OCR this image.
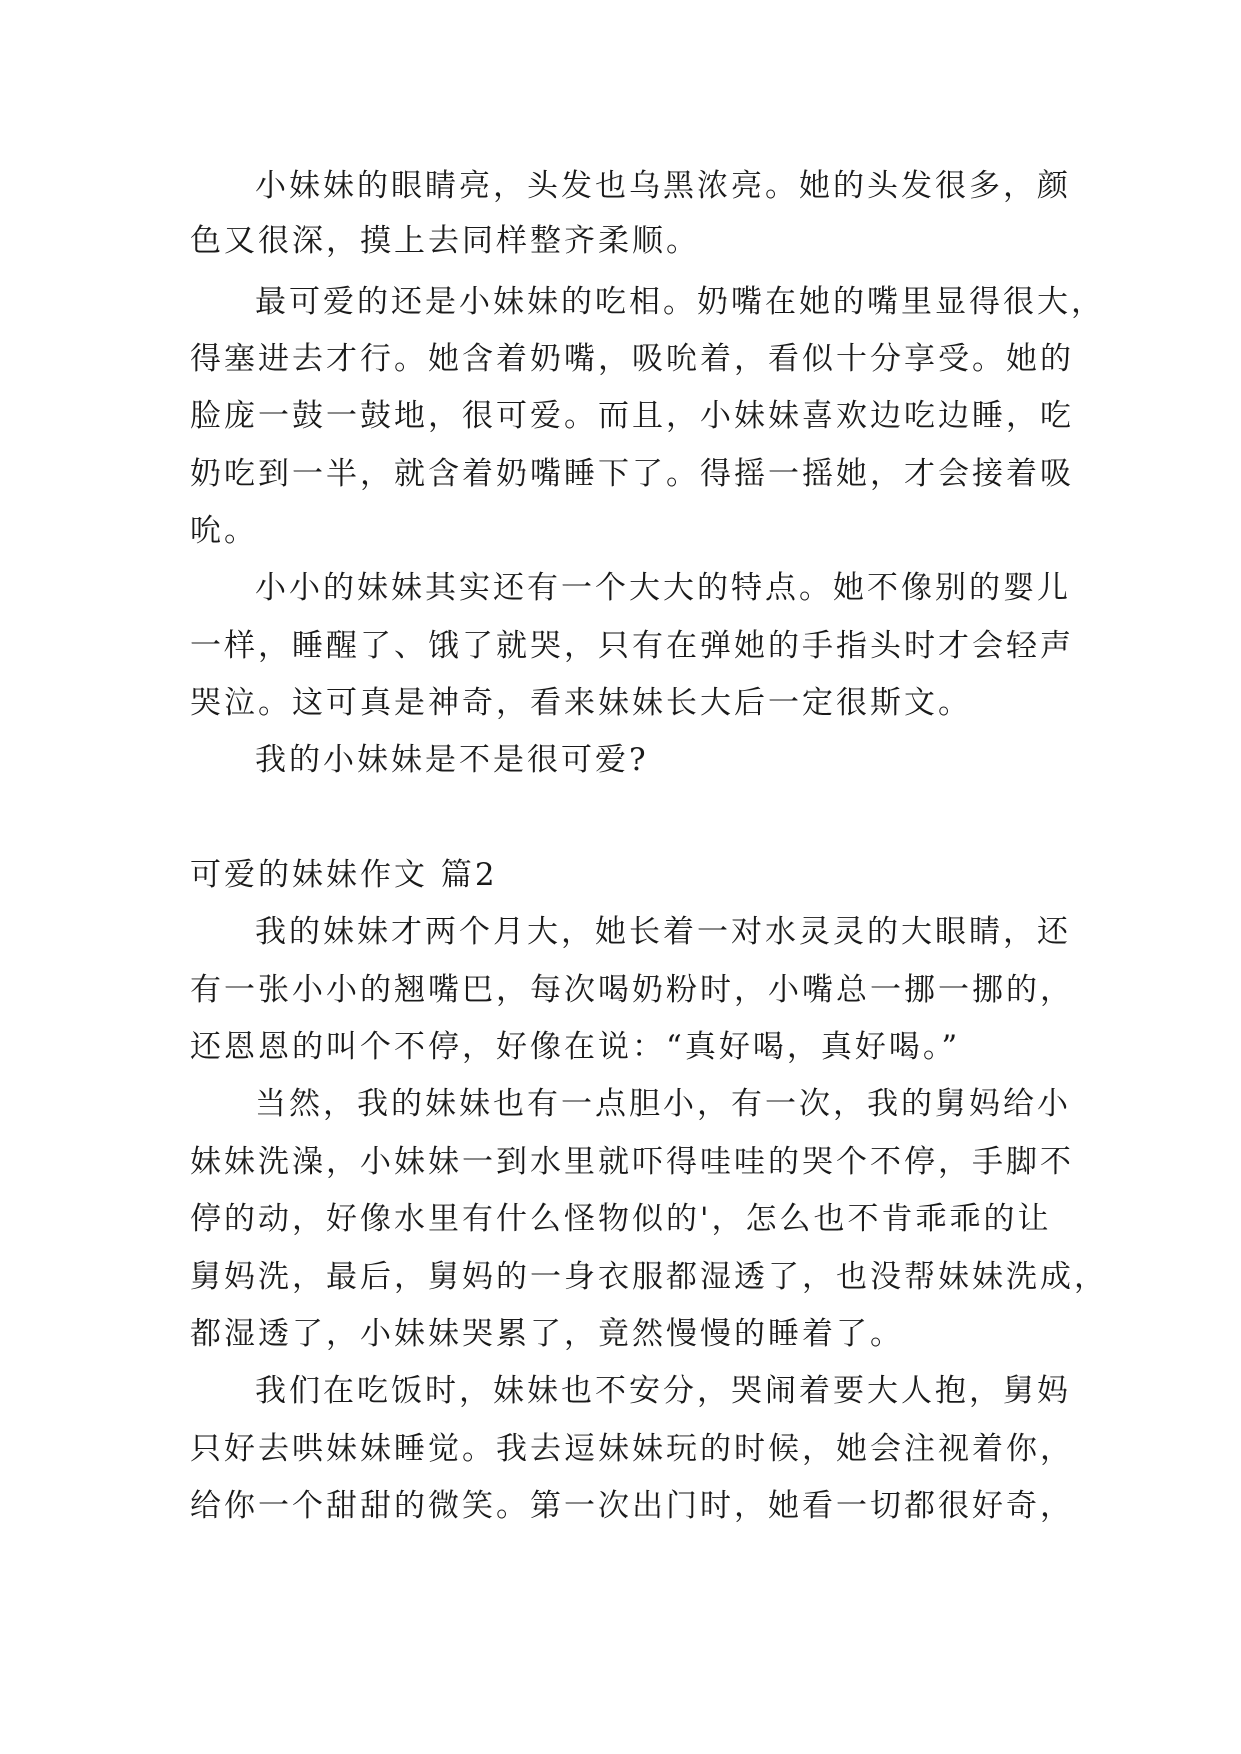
小妹妹的眼睛亮，头发也乌黑浓亮。她的头发很多，颜
色又很深，摸上去同样整齐柔顺。
最可爱的还是小妹妹的吃相。奶嘴在她的嘴里显得很大，
得塞进去才行。她含着奶嘴，吸吮着，看似十分享受。她的
脸庞一鼓一鼓地，很可爱。而且，小妹妹喜欢边吃边睡，吃
奶吃到一半，就含着奶嘴睡下了。得摇一摇她，才会接着吸
吮。
小小的妹妹其实还有一个大大的特点。她不像别的婴儿
一样，睡醒了、饿了就哭，只有在弹她的手指头时才会轻声
哭泣。这可真是神奇，看来妹妹长大后一定很斯文。
我的小妹妹是不是很可爱?
可爱的妹妹作文 篇2
我的妹妹才两个月大，她长着一对水灵灵的大眼睛，还
有一张小小的翘嘴巴，每次喝奶粉时，小嘴总一挪一挪的，
还恩恩的叫个不停，好像在说：“真好喝，真好喝。”
当然，我的妹妹也有一点胆小，有一次，我的舅妈给小
妹妹洗澡，小妹妹一到水里就吓得哇哇的哭个不停，手脚不
停的动，好像水里有什么怪物似的'，怎么也不肯乖乖的让
舅妈洗，最后，舅妈的一身衣服都湿透了，也没帮妹妹洗成，
都湿透了，小妹妹哭累了，竟然慢慢的睡着了。
我们在吃饭时，妹妹也不安分，哭闹着要大人抱，舅妈
只好去哄妹妹睡觉。我去逗妹妹玩的时候，她会注视着你，
给你一个甜甜的微笑。第一次出门时，她看一切都很好奇，
